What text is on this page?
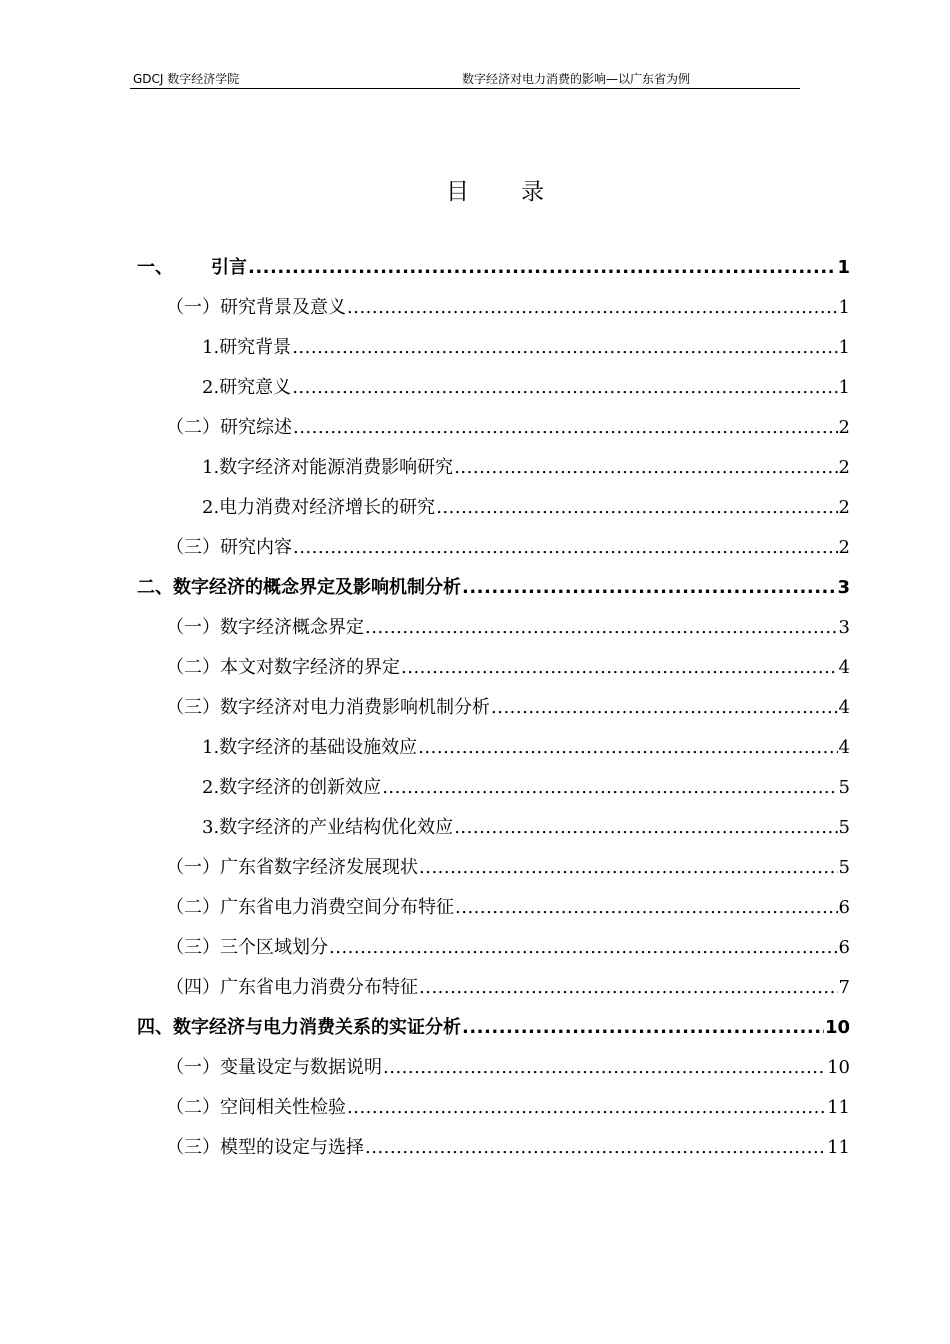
GDCJ 数字经济学院	数字经济对电力消费的影响—以广东省为例
目 录
一、 引言 .....	1
（一）研究背景及意义 .....	1
1.研究背景 .....	1
2.研究意义 .....	1
（二）研究综述 .....	2
1.数字经济对能源消费影响研究 .....	2
2.电力消费对经济增长的研究 .....	2
（三）研究内容 .....	2
二、数字经济的概念界定及影响机制分析 .....	3
（一）数字经济概念界定 .....	3
（二）本文对数字经济的界定 .....	4
（三）数字经济对电力消费影响机制分析 .....	4
1.数字经济的基础设施效应 .....	4
2.数字经济的创新效应 .....	5
3.数字经济的产业结构优化效应 .....	5
（一）广东省数字经济发展现状 .....	5
（二）广东省电力消费空间分布特征 .....	6
（三）三个区域划分 .....	6
（四）广东省电力消费分布特征 .....	7
四、数字经济与电力消费关系的实证分析 .....	10
（一）变量设定与数据说明 .....	10
（二）空间相关性检验 .....	11
（三）模型的设定与选择 .....	11
